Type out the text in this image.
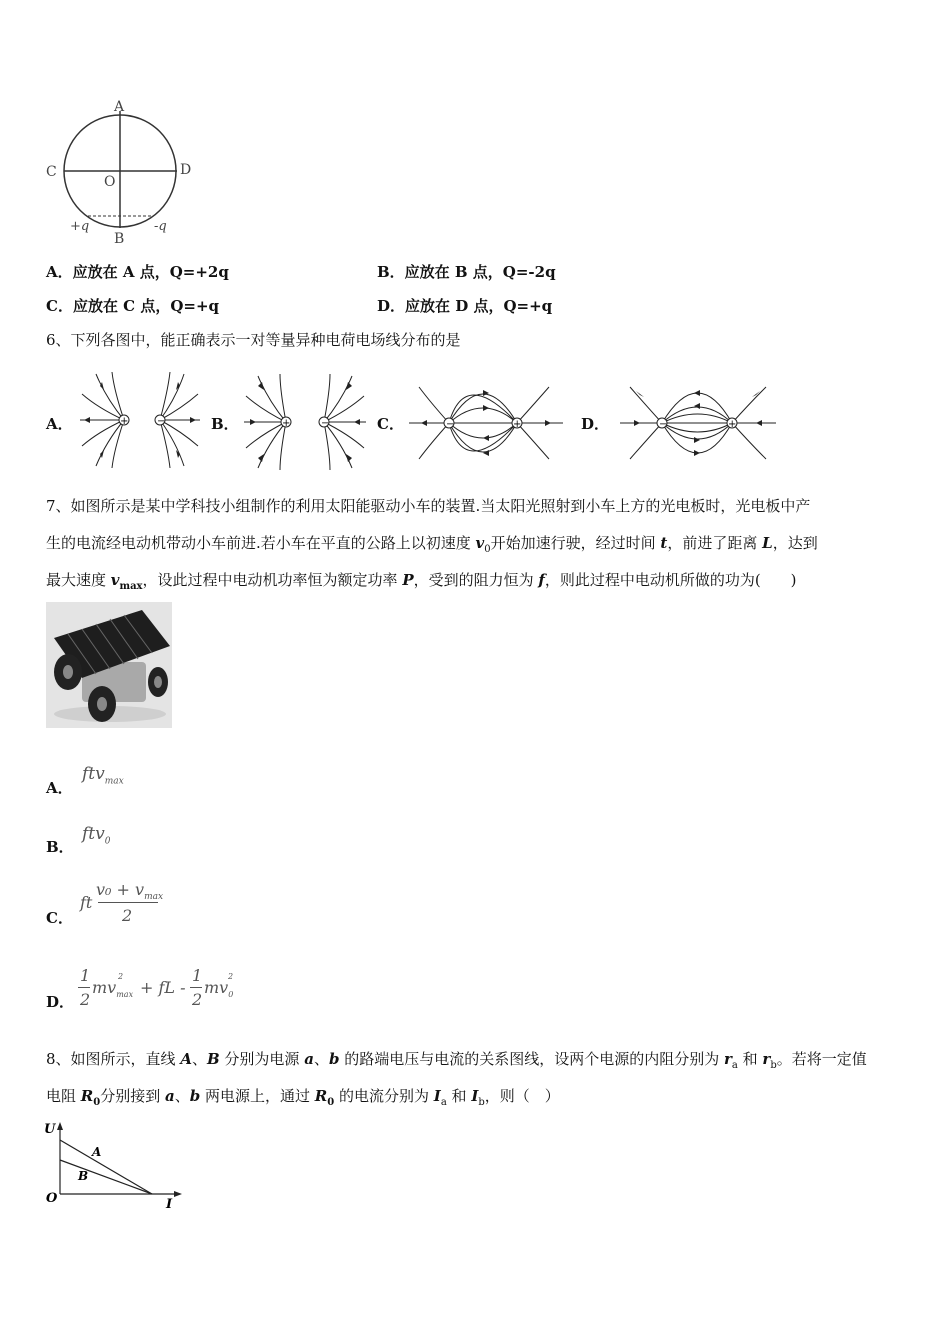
A
B
C	D
O
+q	-q
A．应放在 A 点，Q=+2q	B．应放在 B 点，Q=-2q
C．应放在 C 点，Q=+q	D．应放在 D 点，Q=+q
6、下列各图中，能正确表示一对等量异种电荷电场线分布的是
A．	+	−	B．	+	−	C．	−	+	D．	−	+
7、如图所示是某中学科技小组制作的利用太阳能驱动小车的装置.当太阳光照射到小车上方的光电板时，光电板中产
生的电流经电动机带动小车前进.若小车在平直的公路上以初速度 $v_0$开始加速行驶，经过时间 t，前进了距离 L，达到
最大速度 $v_{max}$，设此过程中电动机功率恒为额定功率 P，受到的阻力恒为 f，则此过程中电动机所做的功为(　　)
A．
ftv$_{max}$
B．
ftv$_0$
C．
ft
$v_0 + v_{max}$
2
D．
1
2
$mv_{max}$
2
+ fL -
1
2
$mv_0$
2
8、如图所示，直线 A、B 分别为电源 a、b 的路端电压与电流的关系图线，设两个电源的内阻分别为 $r_a$ 和 $r_b$。若将一定值
电阻 $R_0$分别接到 a、b 两电源上，通过 $R_0$ 的电流分别为 $I_a$ 和 $I_b$，则（　）
U
I
O
A
B
